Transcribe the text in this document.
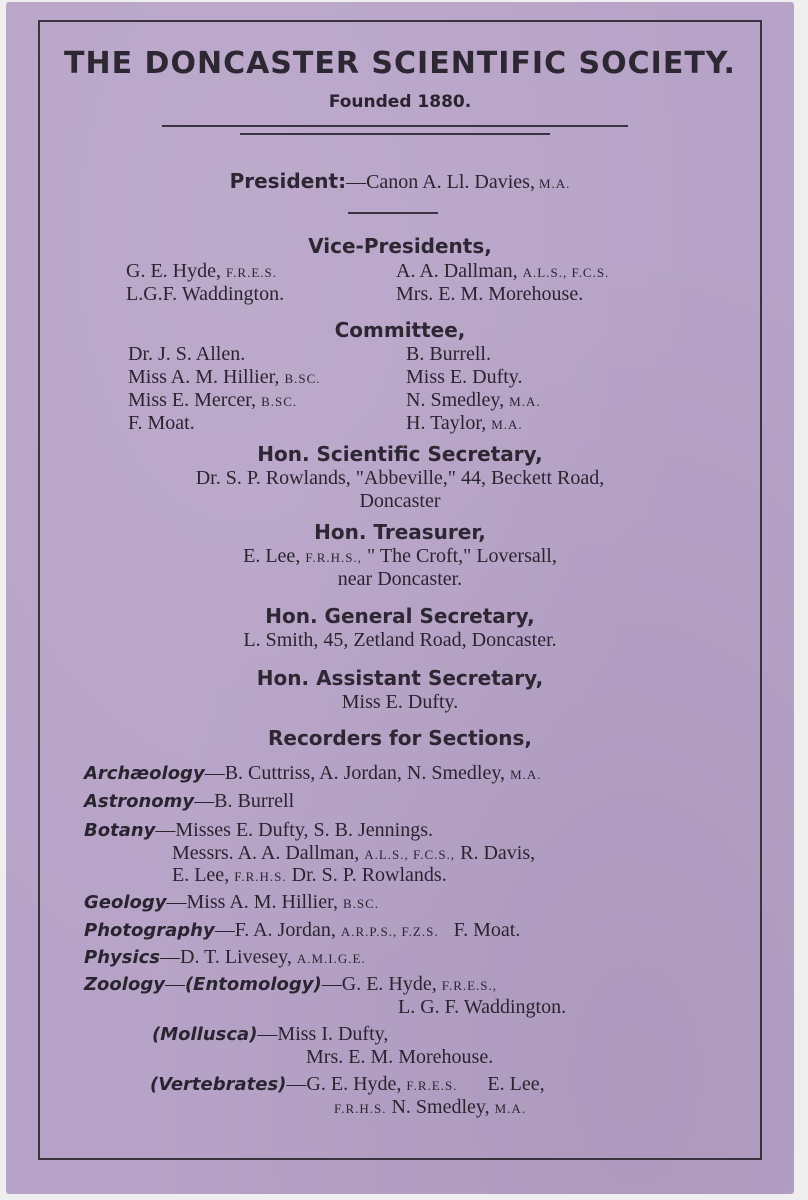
THE DONCASTER SCIENTIFIC SOCIETY.
Founded 1880.
President:—Canon A. Ll. Davies, M.A.
Vice-Presidents,
G. E. Hyde, F.R.E.S.
L.G.F. Waddington.
A. A. Dallman, A.L.S., F.C.S.
Mrs. E. M. Morehouse.
Committee,
Dr. J. S. Allen.
Miss A. M. Hillier, B.SC.
Miss E. Mercer, B.SC.
F. Moat.
B. Burrell.
Miss E. Dufty.
N. Smedley, M.A.
H. Taylor, M.A.
Hon. Scientific Secretary,
Dr. S. P. Rowlands, "Abbeville," 44, Beckett Road,
Doncaster
Hon. Treasurer,
E. Lee, F.R.H.S., " The Croft," Loversall,
near Doncaster.
Hon. General Secretary,
L. Smith, 45, Zetland Road, Doncaster.
Hon. Assistant Secretary,
Miss E. Dufty.
Recorders for Sections,
Archæology—B. Cuttriss, A. Jordan, N. Smedley, M.A.
Astronomy—B. Burrell
Botany—Misses E. Dufty, S. B. Jennings.
Messrs. A. A. Dallman, A.L.S., F.C.S., R. Davis,
E. Lee, F.R.H.S. Dr. S. P. Rowlands.
Geology—Miss A. M. Hillier, B.SC.
Photography—F. A. Jordan, A.R.P.S., F.Z.S. F. Moat.
Physics—D. T. Livesey, A.M.I.G.E.
Zoology—(Entomology)—G. E. Hyde, F.R.E.S.,
L. G. F. Waddington.
(Mollusca)—Miss I. Dufty,
Mrs. E. M. Morehouse.
(Vertebrates)—G. E. Hyde, F.R.E.S. E. Lee,
F.R.H.S. N. Smedley, M.A.
